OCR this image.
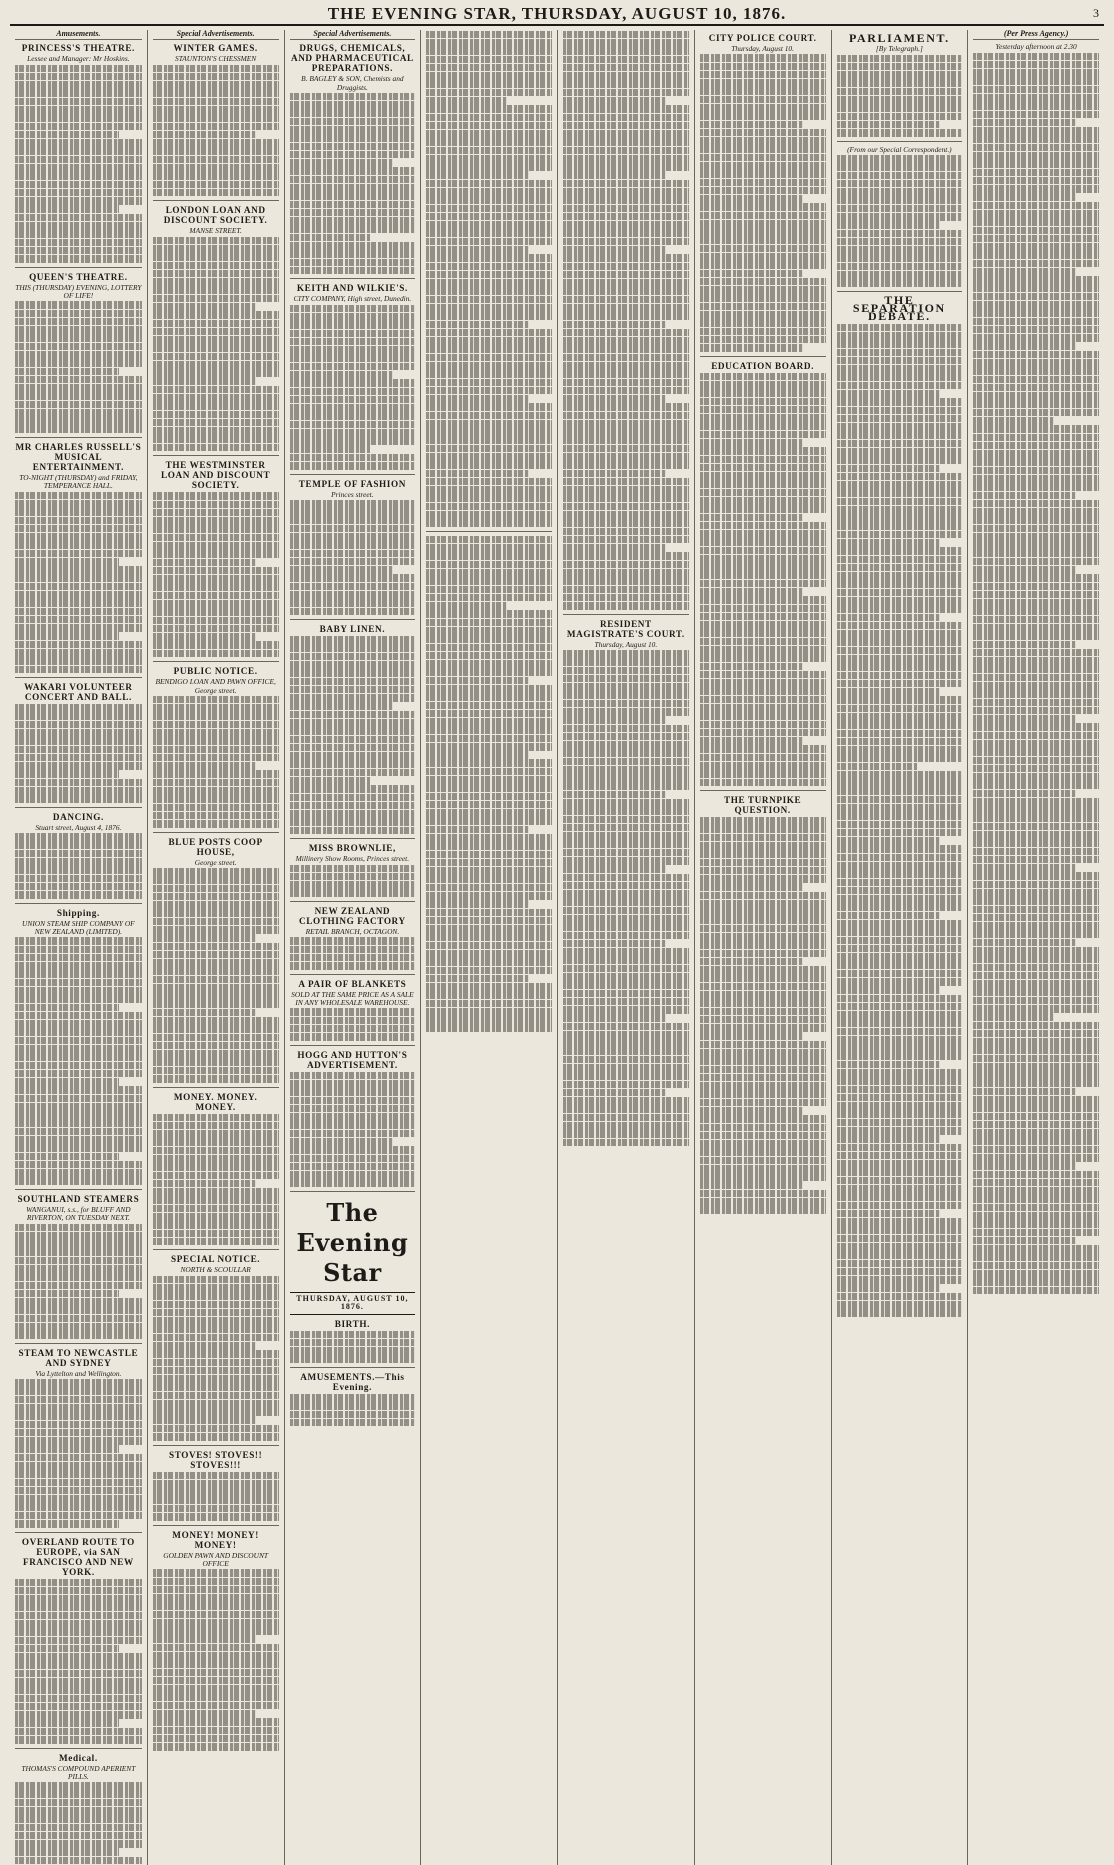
THE EVENING STAR, THURSDAY, AUGUST 10, 1876.	3
Amusements.
PRINCESS'S THEATRE.
Lessee and Manager: Mr Hoskins.
QUEEN'S THEATRE.
THIS (THURSDAY) EVENING, LOTTERY OF LIFE!
MR CHARLES RUSSELL'S MUSICAL ENTERTAINMENT.
TO-NIGHT (THURSDAY) and FRIDAY, TEMPERANCE HALL.
WAKARI VOLUNTEER CONCERT AND BALL.
DANCING.
Stuart street, August 4, 1876.
Shipping.
UNION STEAM SHIP COMPANY OF NEW ZEALAND (LIMITED).
SOUTHLAND STEAMERS
WANGANUI, s.s., for BLUFF AND RIVERTON, ON TUESDAY NEXT.
STEAM TO NEWCASTLE AND SYDNEY
Via Lyttelton and Wellington.
OVERLAND ROUTE TO EUROPE, via SAN FRANCISCO AND NEW YORK.
Medical.
THOMAS'S COMPOUND APERIENT PILLS.
Special Advertisements.
WINTER GAMES.
STAUNTON'S CHESSMEN
LONDON LOAN AND DISCOUNT SOCIETY.
MANSE STREET.
THE WESTMINSTER LOAN AND DISCOUNT SOCIETY.
PUBLIC NOTICE.
BENDIGO LOAN AND PAWN OFFICE, George street.
BLUE POSTS COOP HOUSE,
George street.
MONEY. MONEY. MONEY.
SPECIAL NOTICE.
NORTH & SCOULLAR
STOVES! STOVES!! STOVES!!!
MONEY! MONEY! MONEY!
GOLDEN PAWN AND DISCOUNT OFFICE
Special Advertisements.
DRUGS, CHEMICALS, AND PHARMACEUTICAL PREPARATIONS.
B. BAGLEY & SON, Chemists and Druggists.
KEITH AND WILKIE'S.
CITY COMPANY, High street, Dunedin.
TEMPLE OF FASHION
Princes street.
BABY LINEN.
MISS BROWNLIE,
Millinery Show Rooms, Princes street.
NEW ZEALAND CLOTHING FACTORY
RETAIL BRANCH, OCTAGON.
A PAIR OF BLANKETS
SOLD AT THE SAME PRICE AS A SALE IN ANY WHOLESALE WAREHOUSE.
HOGG AND HUTTON'S ADVERTISEMENT.
The Evening Star
THURSDAY, AUGUST 10, 1876.
BIRTH.
AMUSEMENTS.—This Evening.
RESIDENT MAGISTRATE'S COURT.
Thursday, August 10.
CITY POLICE COURT.
Thursday, August 10.
EDUCATION BOARD.
THE TURNPIKE QUESTION.
PARLIAMENT.
[By Telegraph.]
(From our Special Correspondent.)
THE SEPARATION DEBATE.
(Per Press Agency.)
Yesterday afternoon at 2.30
